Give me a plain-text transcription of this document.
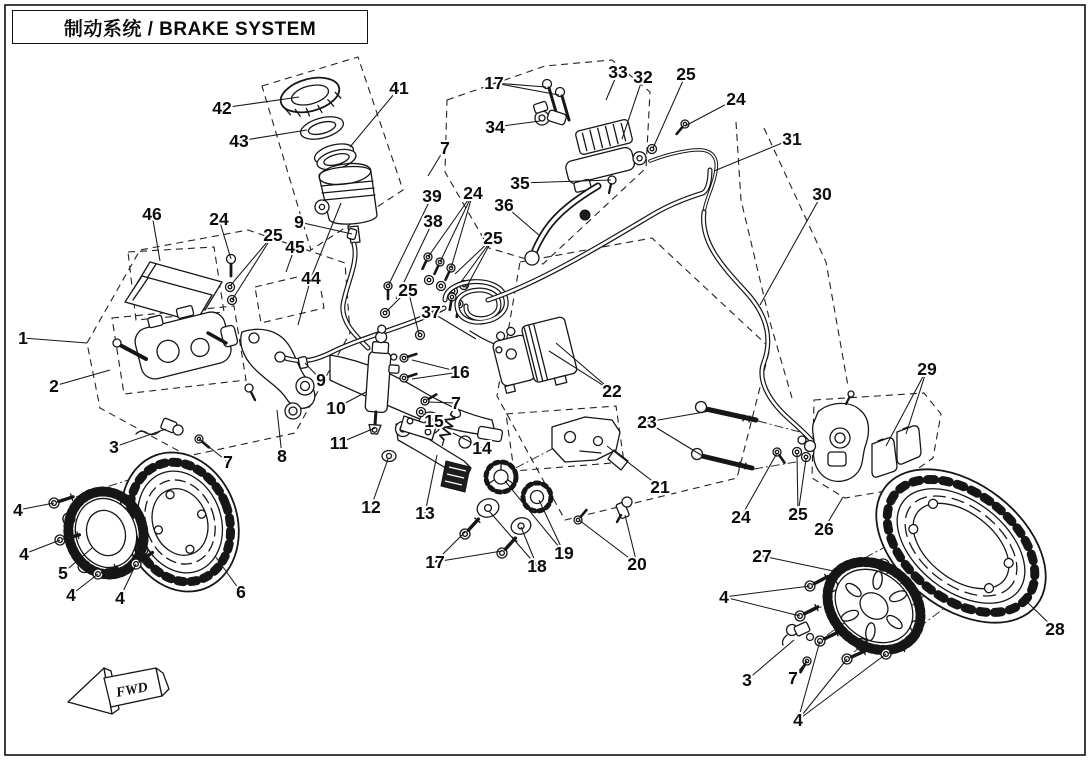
FWD
1
2
3
3
4
4
4 4	4
4
5
6
7
7
7
7
8
9
9
10
11
12 13
14
15
16
17
17	18
19
20
21
22
23
24
24
24
24
25
25
25
25
25
26
27
28
29
30
31
32
33
34
35
36
37
38
39
41
42
43
44
45
46
制动系统 / BRAKE SYSTEM
